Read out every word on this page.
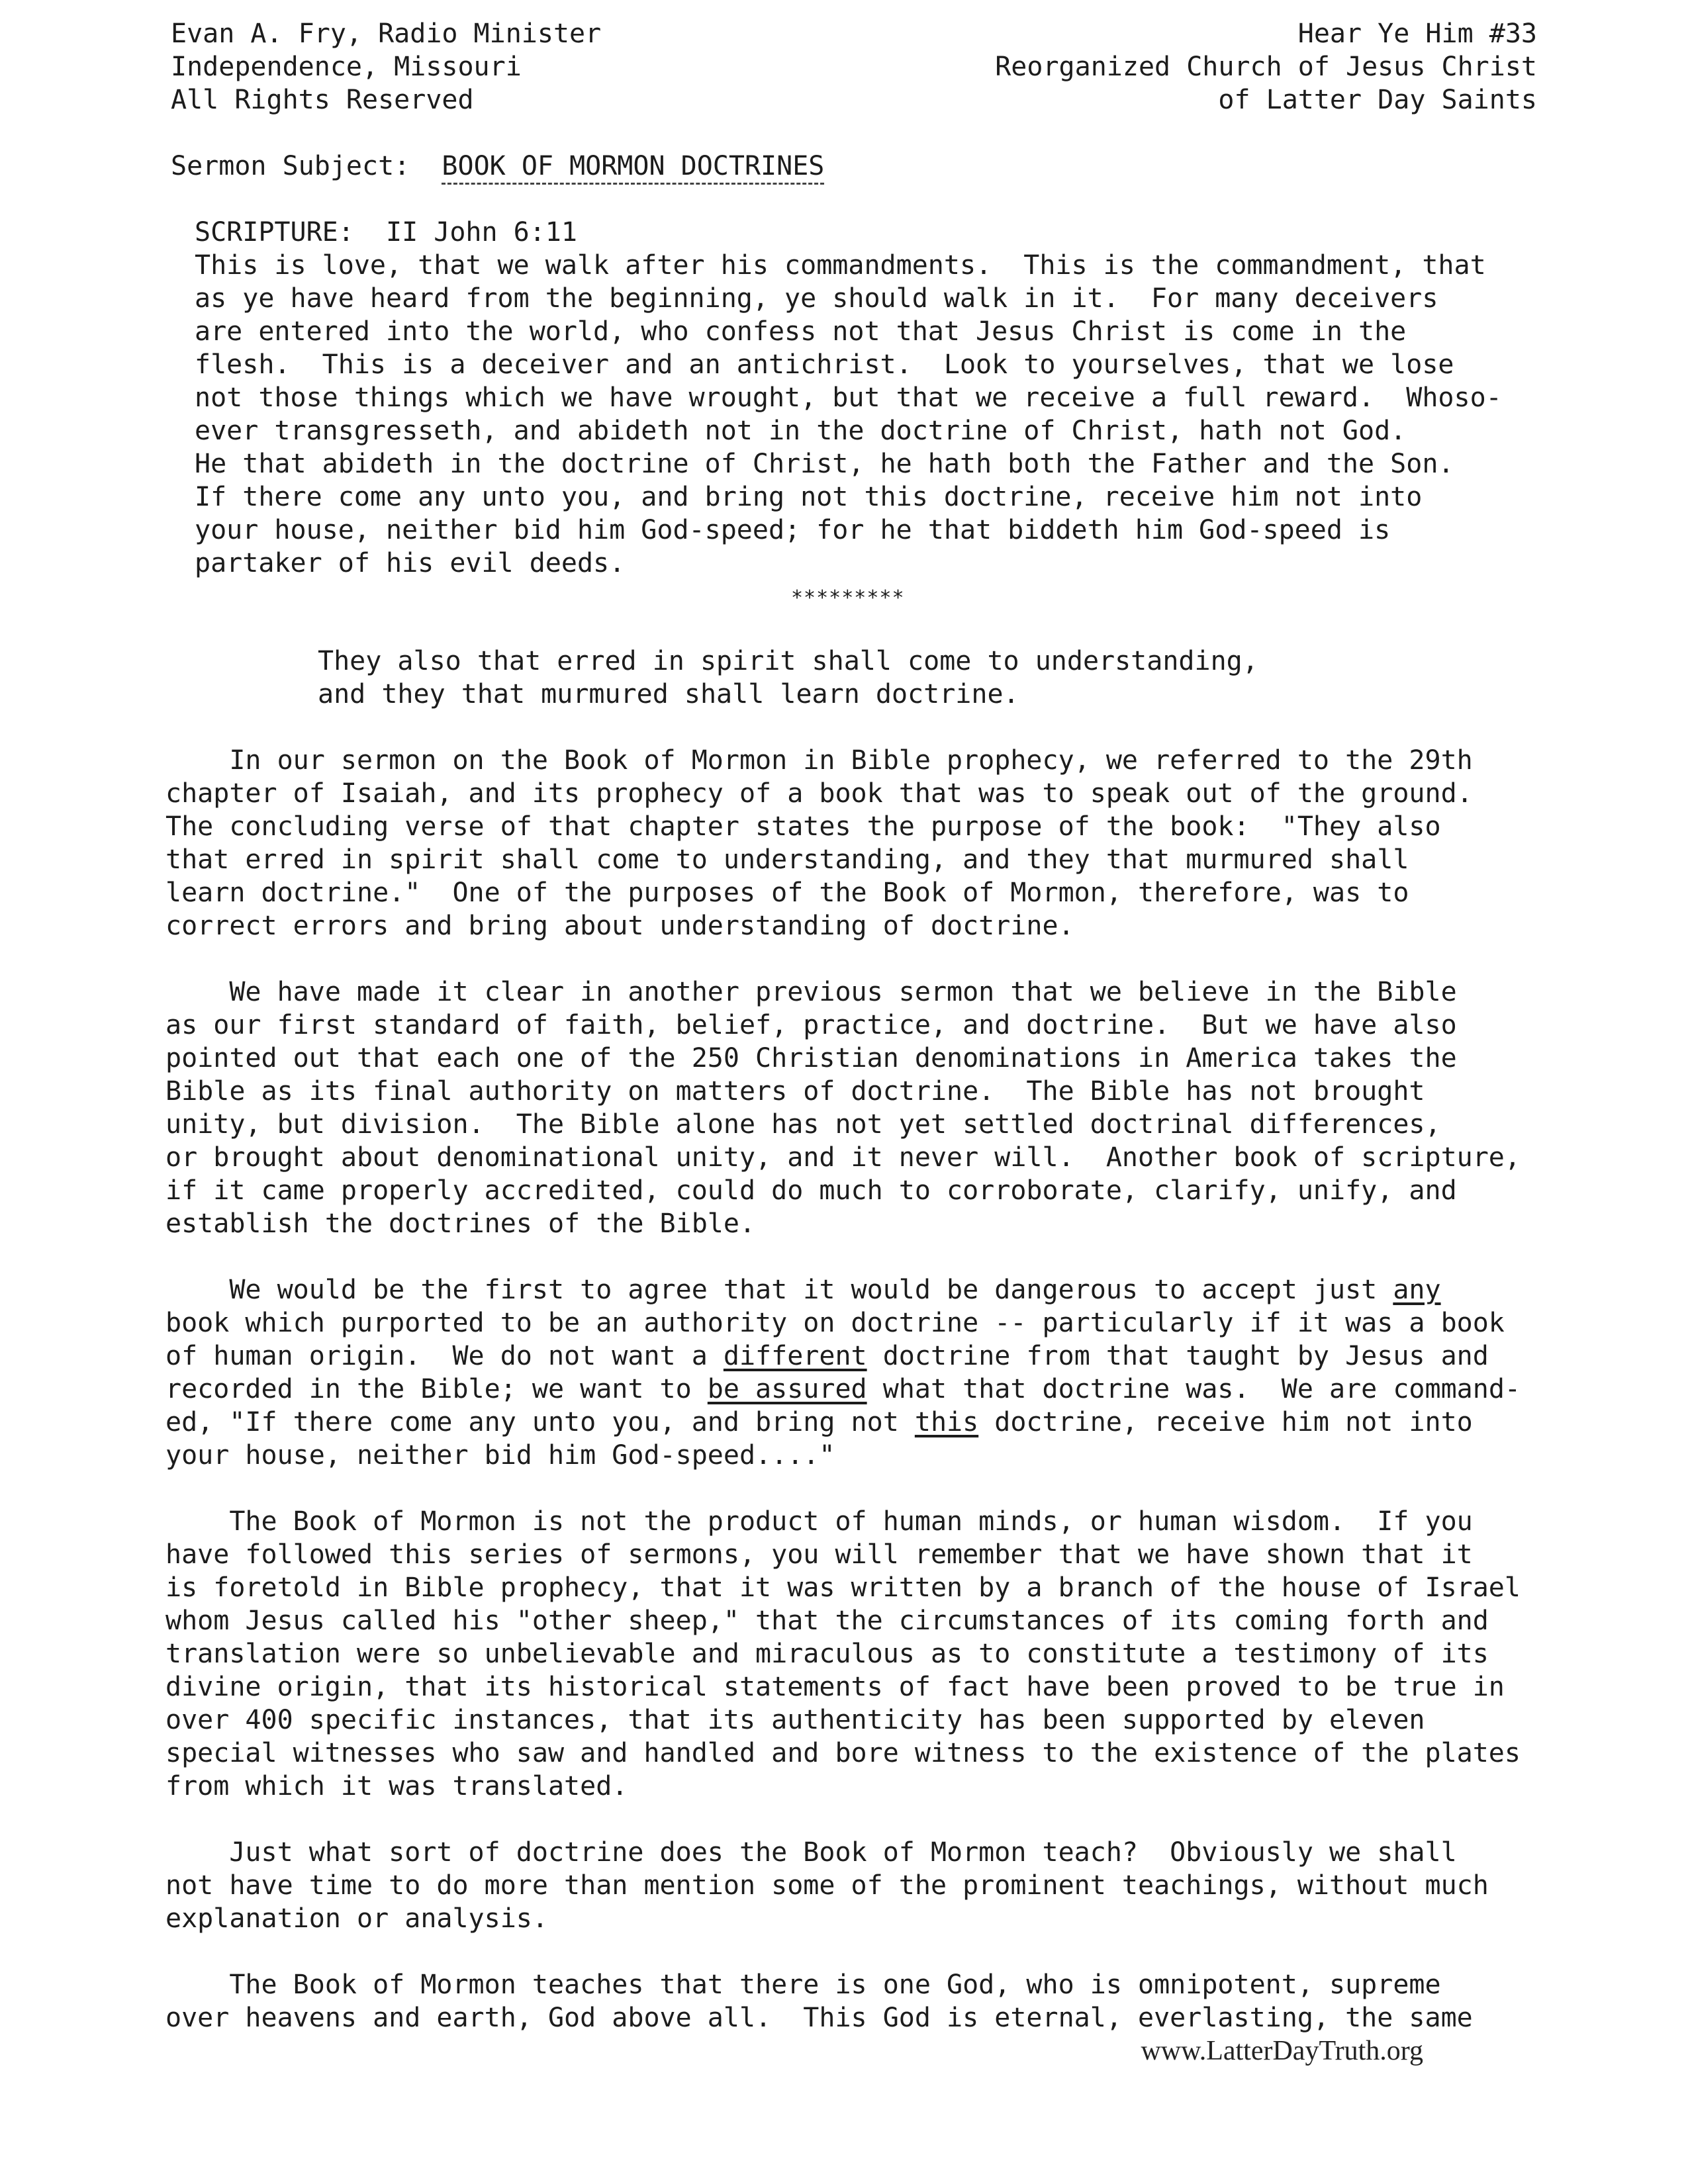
Evan A. Fry, Radio Minister
Independence, Missouri
All Rights Reserved
Hear Ye Him #33
Reorganized Church of Jesus Christ
of Latter Day Saints
Sermon Subject: BOOK OF MORMON DOCTRINES
SCRIPTURE:  II John 6:11
This is love, that we walk after his commandments.  This is the commandment, that
as ye have heard from the beginning, ye should walk in it.  For many deceivers
are entered into the world, who confess not that Jesus Christ is come in the
flesh.  This is a deceiver and an antichrist.  Look to yourselves, that we lose
not those things which we have wrought, but that we receive a full reward.  Whoso-
ever transgresseth, and abideth not in the doctrine of Christ, hath not God.
He that abideth in the doctrine of Christ, he hath both the Father and the Son.
If there come any unto you, and bring not this doctrine, receive him not into
your house, neither bid him God-speed; for he that biddeth him God-speed is
partaker of his evil deeds.
*********
They also that erred in spirit shall come to understanding,
and they that murmured shall learn doctrine.
In our sermon on the Book of Mormon in Bible prophecy, we referred to the 29th
chapter of Isaiah, and its prophecy of a book that was to speak out of the ground.
The concluding verse of that chapter states the purpose of the book:  "They also
that erred in spirit shall come to understanding, and they that murmured shall
learn doctrine."  One of the purposes of the Book of Mormon, therefore, was to
correct errors and bring about understanding of doctrine.
We have made it clear in another previous sermon that we believe in the Bible
as our first standard of faith, belief, practice, and doctrine.  But we have also
pointed out that each one of the 250 Christian denominations in America takes the
Bible as its final authority on matters of doctrine.  The Bible has not brought
unity, but division.  The Bible alone has not yet settled doctrinal differences,
or brought about denominational unity, and it never will.  Another book of scripture,
if it came properly accredited, could do much to corroborate, clarify, unify, and
establish the doctrines of the Bible.
We would be the first to agree that it would be dangerous to accept just any
book which purported to be an authority on doctrine -- particularly if it was a book
of human origin.  We do not want a different doctrine from that taught by Jesus and
recorded in the Bible; we want to be assured what that doctrine was.  We are command-
ed, "If there come any unto you, and bring not this doctrine, receive him not into
your house, neither bid him God-speed...."
The Book of Mormon is not the product of human minds, or human wisdom.  If you
have followed this series of sermons, you will remember that we have shown that it
is foretold in Bible prophecy, that it was written by a branch of the house of Israel
whom Jesus called his "other sheep," that the circumstances of its coming forth and
translation were so unbelievable and miraculous as to constitute a testimony of its
divine origin, that its historical statements of fact have been proved to be true in
over 400 specific instances, that its authenticity has been supported by eleven
special witnesses who saw and handled and bore witness to the existence of the plates
from which it was translated.
Just what sort of doctrine does the Book of Mormon teach?  Obviously we shall
not have time to do more than mention some of the prominent teachings, without much
explanation or analysis.
The Book of Mormon teaches that there is one God, who is omnipotent, supreme
over heavens and earth, God above all.  This God is eternal, everlasting, the same
www.LatterDayTruth.org
